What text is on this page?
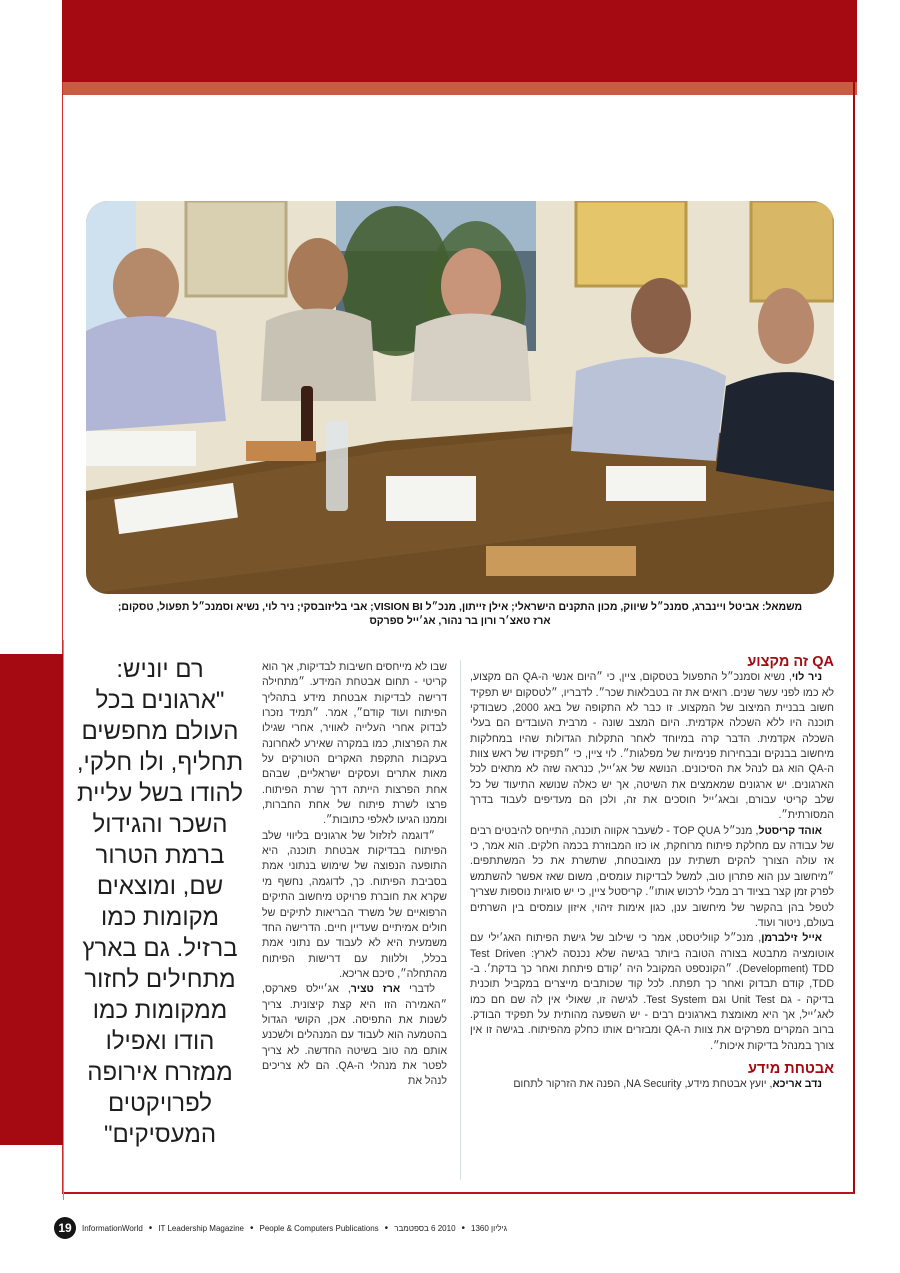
משמאל: אביטל ויינברג, סמנכ״ל שיווק, מכון התקנים הישראלי; אילן זייתון, מנכ״ל VISION BI; אבי בליזובסקי; ניר לוי, נשיא וסמנכ״ל תפעול, טסקום;
ארז טאצ׳ר ורון בר נהור, אג׳ייל ספרקס
רם יוניש: "ארגונים בכל העולם מחפשים תחליף, ולו חלקי, להודו בשל עליית השכר והגידול ברמת הטרור שם, ומוצאים מקומות כמו ברזיל. גם בארץ מתחילים לחזור ממקומות כמו הודו ואפילו ממזרח אירופה לפרויקטים המעסיקים"

שבו לא מייחסים חשיבות לבדיקות, אך הוא קריטי - תחום אבטחת המידע. ״מתחילה דרישה לבדיקות אבטחת מידע בתהליך הפיתוח ועוד קודם״, אמר. ״תמיד נזכרו לבדוק אחרי העלייה לאוויר, אחרי שגילו את הפרצות, כמו במקרה שאירע לאחרונה בעקבות התקפת האקרים הטורקים על מאות אתרים ועסקים ישראליים, שבהם אחת הפרצות הייתה דרך שרת הפיתוח. פרצו לשרת פיתוח של אחת החברות, וממנו הגיעו לאלפי כתובות״.

״דוגמה לזלזול של ארגונים בליווי שלב הפיתוח בבדיקות אבטחת תוכנה, היא התופעה הנפוצה של שימוש בנתוני אמת בסביבת הפיתוח. כך, לדוגמה, נחשף מי שקרא את חוברת פרויקט מיחשוב התיקים הרפואיים של משרד הבריאות לתיקים של חולים אמיתיים שעדיין חיים. הדרישה החד משמעית היא לא לעבוד עם נתוני אמת בכלל, וללוות עם דרישות הפיתוח מהתחלה״, סיכם אריכא.

לדברי ארז טציר, אג׳יילס פארקס, ״האמירה הזו היא קצת קיצונית. צריך לשנות את התפיסה. אכן, הקושי הגדול בהטמעה הוא לעבוד עם המנהלים ולשכנע אותם מה טוב בשיטה החדשה. לא צריך לפטר את מנהלי ה-QA. הם לא צריכים לנהל את

QA זה מקצוע

ניר לוי, נשיא וסמנכ״ל התפעול בטסקום, ציין, כי ״היום אנשי ה-QA הם מקצוע, לא כמו לפני עשר שנים. רואים את זה בטבלאות שכר״. לדבריו, ״לטסקום יש תפקיד חשוב בבניית המיצוב של המקצוע. זו כבר לא התקופה של באג 2000, כשבודקי תוכנה היו ללא השכלה אקדמית. היום המצב שונה - מרבית העובדים הם בעלי השכלה אקדמית. הדבר קרה במיוחד לאחר התקלות הגדולות שהיו במחלקות מיחשוב בבנקים ובבחירות פנימיות של מפלגות״. לוי ציין, כי ״תפקידו של ראש צוות ה-QA הוא גם לנהל את הסיכונים. הנושא של אג׳ייל, כנראה שזה לא מתאים לכל הארגונים. יש ארגונים שמאמצים את השיטה, אך יש כאלה שנושא התיעוד של כל שלב קריטי עבורם, ובאג׳ייל חוסכים את זה, ולכן הם מעדיפים לעבוד בדרך המסורתית״.

אוהד קריסטל, מנכ״ל TOP QUA - לשעבר אקווה תוכנה, התייחס להיבטים רבים של עבודה עם מחלקת פיתוח מרוחקת, או כזו המבוזרת בכמה חלקים. הוא אמר, כי אז עולה הצורך להקים תשתית ענן מאובטחת, שתשרת את כל המשתתפים. ״מיחשוב ענן הוא פתרון טוב, למשל לבדיקות עומסים, משום שאז אפשר להשתמש לפרק זמן קצר בציוד רב מבלי לרכוש אותו״. קריסטל ציין, כי יש סוגיות נוספות שצריך לטפל בהן בהקשר של מיחשוב ענן, כגון אימות זיהוי, איזון עומסים בין השרתים בעולם, ניטור ועוד.

אייל זילברמן, מנכ״ל קווליטסט, אמר כי שילוב של גישת הפיתוח האג׳ילי עם אוטומציה מתבטא בצורה הטובה ביותר בגישה שלא נכנסה לארץ: Test Driven Development) TDD). ״הקונספט המקובל היה ׳קודם פיתחת ואחר כך בדקת׳. ב-TDD, קודם תבדוק ואחר כך תפתח. לכל קוד שכותבים מייצרים במקביל תוכנית בדיקה - גם Unit Test וגם Test System. לגישה זו, שאולי אין לה שם חם כמו לאג׳ייל, אך היא מאומצת בארגונים רבים - יש השפעה מהותית על תפקיד הבודק. ברוב המקרים מפרקים את צוות ה-QA ומבזרים אותו כחלק מהפיתוח. בגישה זו אין צורך במנהל בדיקות איכות״.

אבטחת מידע

נדב אריכא, יועץ אבטחת מידע, NA Security, הפנה את הזרקור לתחום

19	InformationWorld • IT Leadership Magazine • People & Computers Publications • 2010 6 בספטמבר • גיליון 1360
